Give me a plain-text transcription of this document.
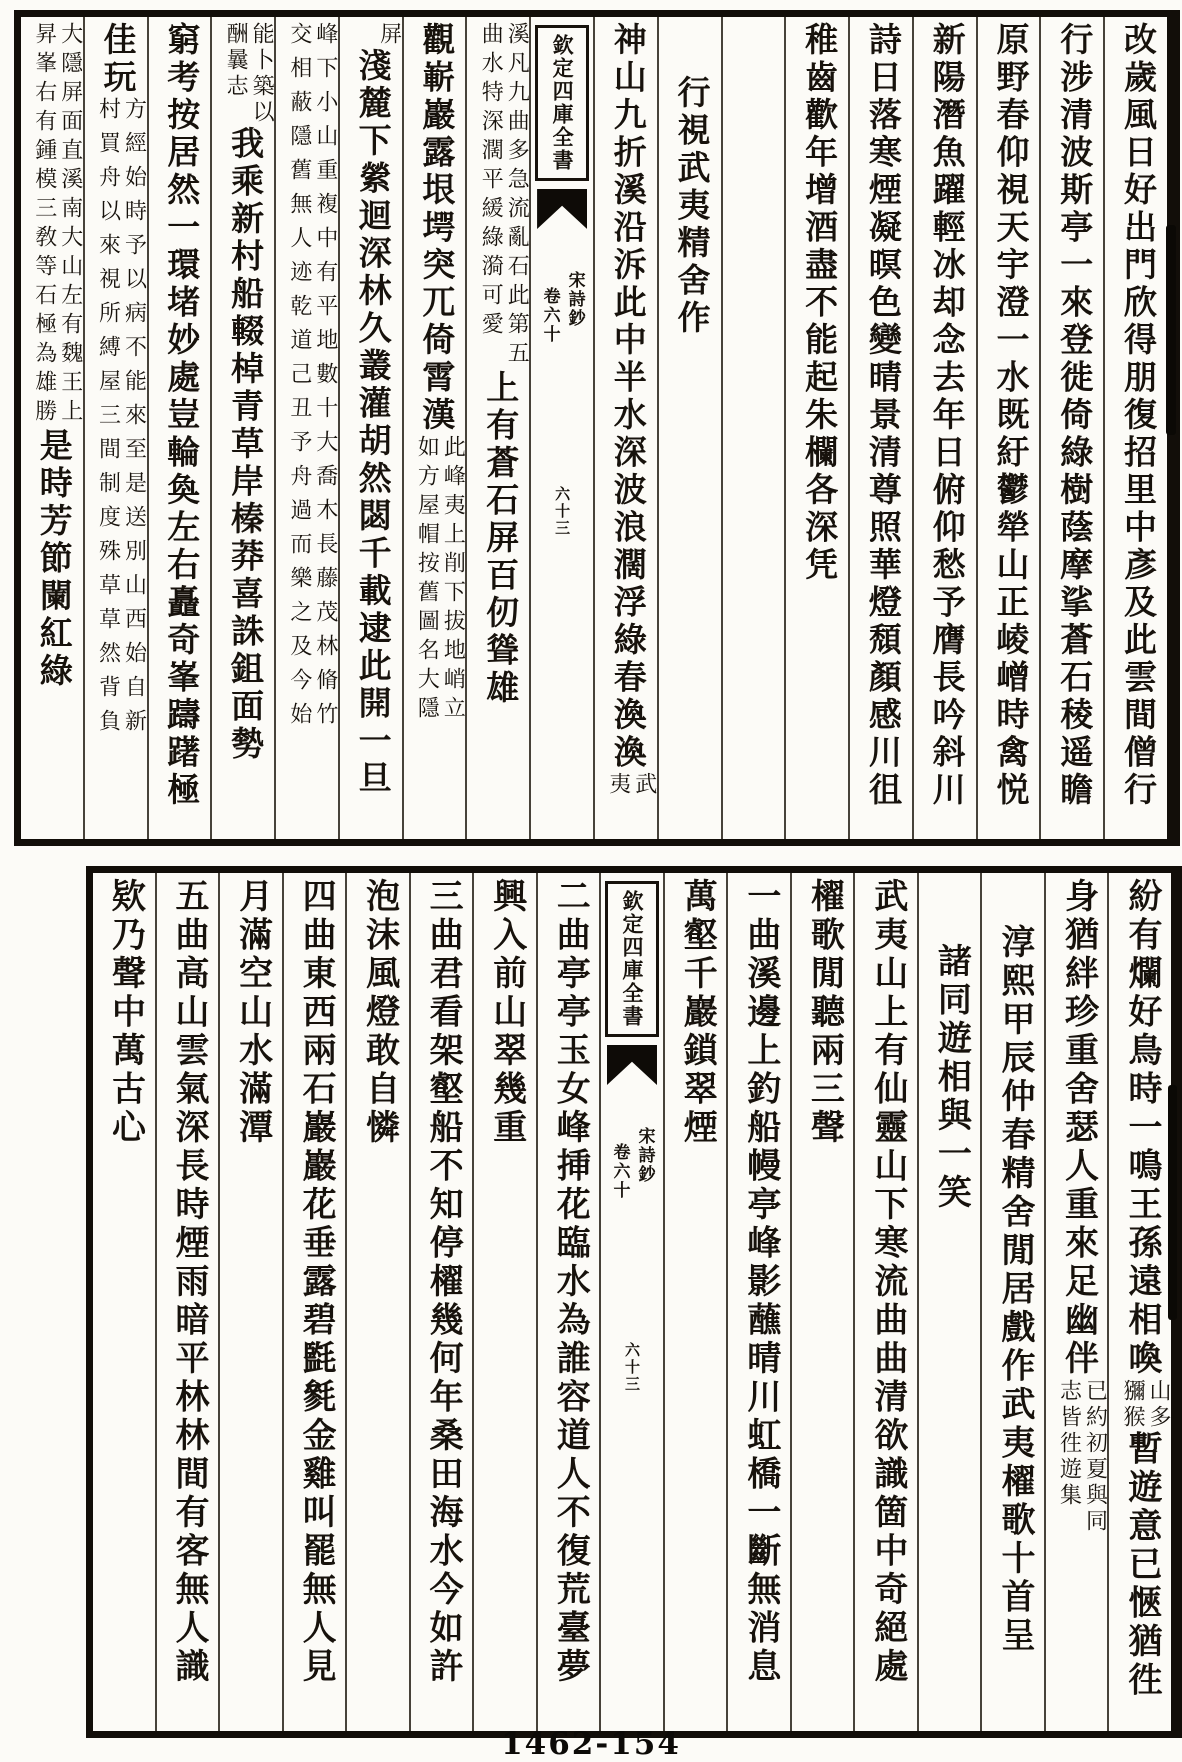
改歲風日好出門欣得朋復招里中彥及此雲間僧行
行涉清波斯亭一來登徙倚綠樹蔭摩挲蒼石稜遥瞻
原野春仰視天宇澄一水既紆鬱犖山正崚嶒時禽悦
新陽潛魚躍輕冰却念去年日俯仰愁予膺長吟斜川
詩日落寒煙凝暝色變晴景清尊照華燈頹顏感川徂
稚齒歡年增酒盡不能起朱欄各深凭
行視武夷精舍作
神山九折溪沿泝此中半水深波浪濶浮綠春渙渙
武
夷
欽定四庫全書
宋詩鈔
卷六十
六十三
溪凡九曲多急流亂石此第五
曲水特深濶平緩綠漪可愛
上有蒼石屏百仞聳雄
觀嶄巖露垠堮突兀倚霄漢
此峰夷上削下拔地峭立
如方屋帽按舊圖名大隱
屏
淺麓下縈迴深林久叢灌胡然閟千載逮此開一旦
峰下小山重複中有平地數十大喬木長藤茂林脩竹
交相蔽隱舊無人迹乾道己丑予舟過而樂之及今始
能卜築以
酬曩志
我乘新村船輟棹青草岸榛莽喜誅鉏面勢
窮考按居然一環堵妙處豈輪奐左右矗奇峯躊躇極
佳玩
方經始時予以病不能來至是送別山西始自新
村買舟以來視所縛屋三間制度殊草草然背負
大隱屏面直溪南大山左有魏王上
昇峯右有鍾模三敎等石極為雄勝
是時芳節闌紅綠
紛有爛好鳥時一鳴王孫遠相喚
山多
獼猴
暫遊意已愜猶徃
身猶絆珍重舍瑟人重來足幽伴
已約初夏與同
志皆徃遊集
淳熙甲辰仲春精舍閒居戲作武夷櫂歌十首呈
諸同遊相與一笑
武夷山上有仙靈山下寒流曲曲清欲識箇中奇絕處
櫂歌閒聽兩三聲
一曲溪邊上釣船幔亭峰影蘸晴川虹橋一斷無消息
萬壑千巖鎖翠煙
欽定四庫全書
宋詩鈔
卷六十
六十三
二曲亭亭玉女峰挿花臨水為誰容道人不復荒臺夢
興入前山翠幾重
三曲君看架壑船不知停櫂幾何年桑田海水今如許
泡沫風燈敢自憐
四曲東西兩石巖巖花垂露碧㲯毿金雞叫罷無人見
月滿空山水滿潭
五曲高山雲氣深長時煙雨暗平林林間有客無人識
欵乃聲中萬古心
1462-154
